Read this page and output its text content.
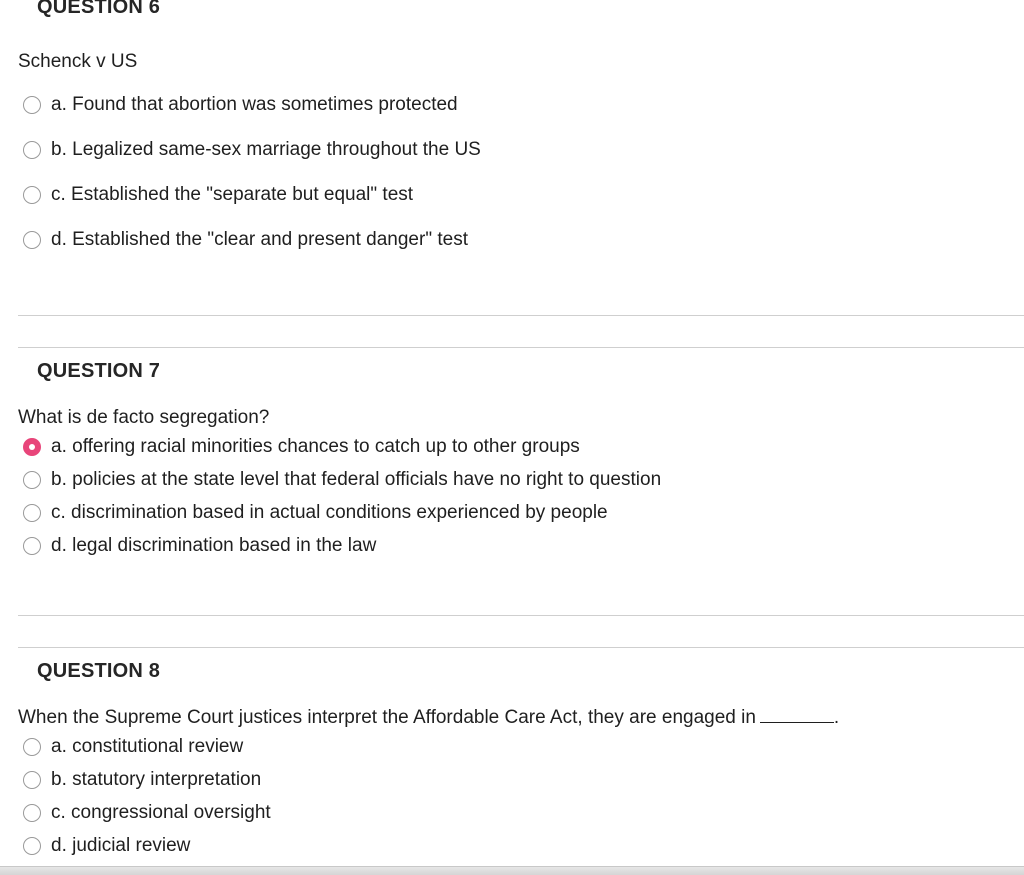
QUESTION 6
Schenck v US
a. Found that abortion was sometimes protected
b. Legalized same-sex marriage throughout the US
c. Established the "separate but equal" test
d. Established the "clear and present danger" test
QUESTION 7
What is de facto segregation?
a. offering racial minorities chances to catch up to other groups
b. policies at the state level that federal officials have no right to question
c. discrimination based in actual conditions experienced by people
d. legal discrimination based in the law
QUESTION 8
When the Supreme Court justices interpret the Affordable Care Act, they are engaged in	.
a. constitutional review
b. statutory interpretation
c. congressional oversight
d. judicial review
